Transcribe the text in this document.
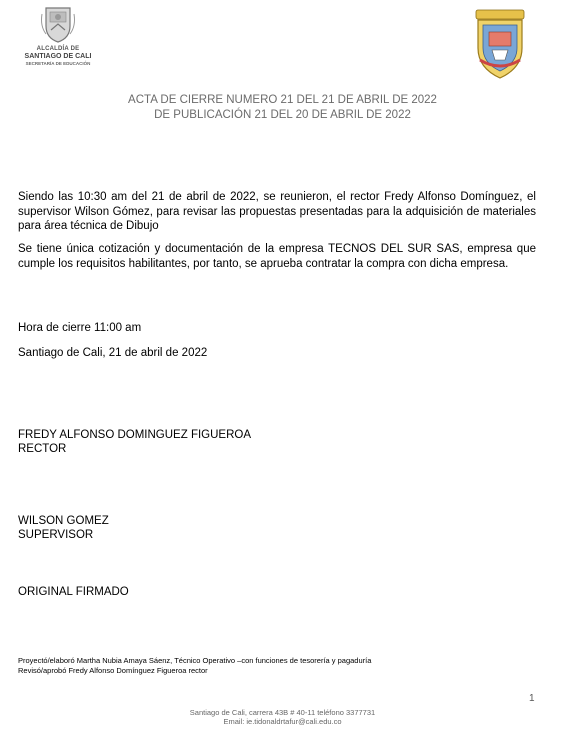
ALCALDÍA DE
SANTIAGO DE CALI
SECRETARÍA DE EDUCACIÓN
ACTA DE CIERRE NUMERO 21 DEL 21 DE ABRIL DE 2022
DE PUBLICACIÓN 21 DEL 20 DE ABRIL DE 2022
Siendo las 10:30 am del 21 de abril de 2022, se reunieron, el rector Fredy Alfonso Domínguez, el supervisor Wilson Gómez, para revisar las propuestas presentadas para la adquisición de materiales para área técnica de Dibujo
Se tiene única cotización y documentación de la empresa TECNOS DEL SUR SAS, empresa que cumple los requisitos habilitantes, por tanto, se aprueba contratar la compra con dicha empresa.
Hora de cierre 11:00 am
Santiago de Cali, 21 de abril de 2022
FREDY ALFONSO DOMINGUEZ FIGUEROA
RECTOR
WILSON GOMEZ
SUPERVISOR
ORIGINAL FIRMADO
Proyectó/elaboró Martha Nubia Amaya Sáenz, Técnico Operativo –con funciones de tesorería y pagaduría
Revisó/aprobó Fredy Alfonso Domínguez Figueroa rector
1
Santiago de Cali, carrera 43B # 40-11 teléfono 3377731
Email: ie.tidonaldrtafur@cali.edu.co
